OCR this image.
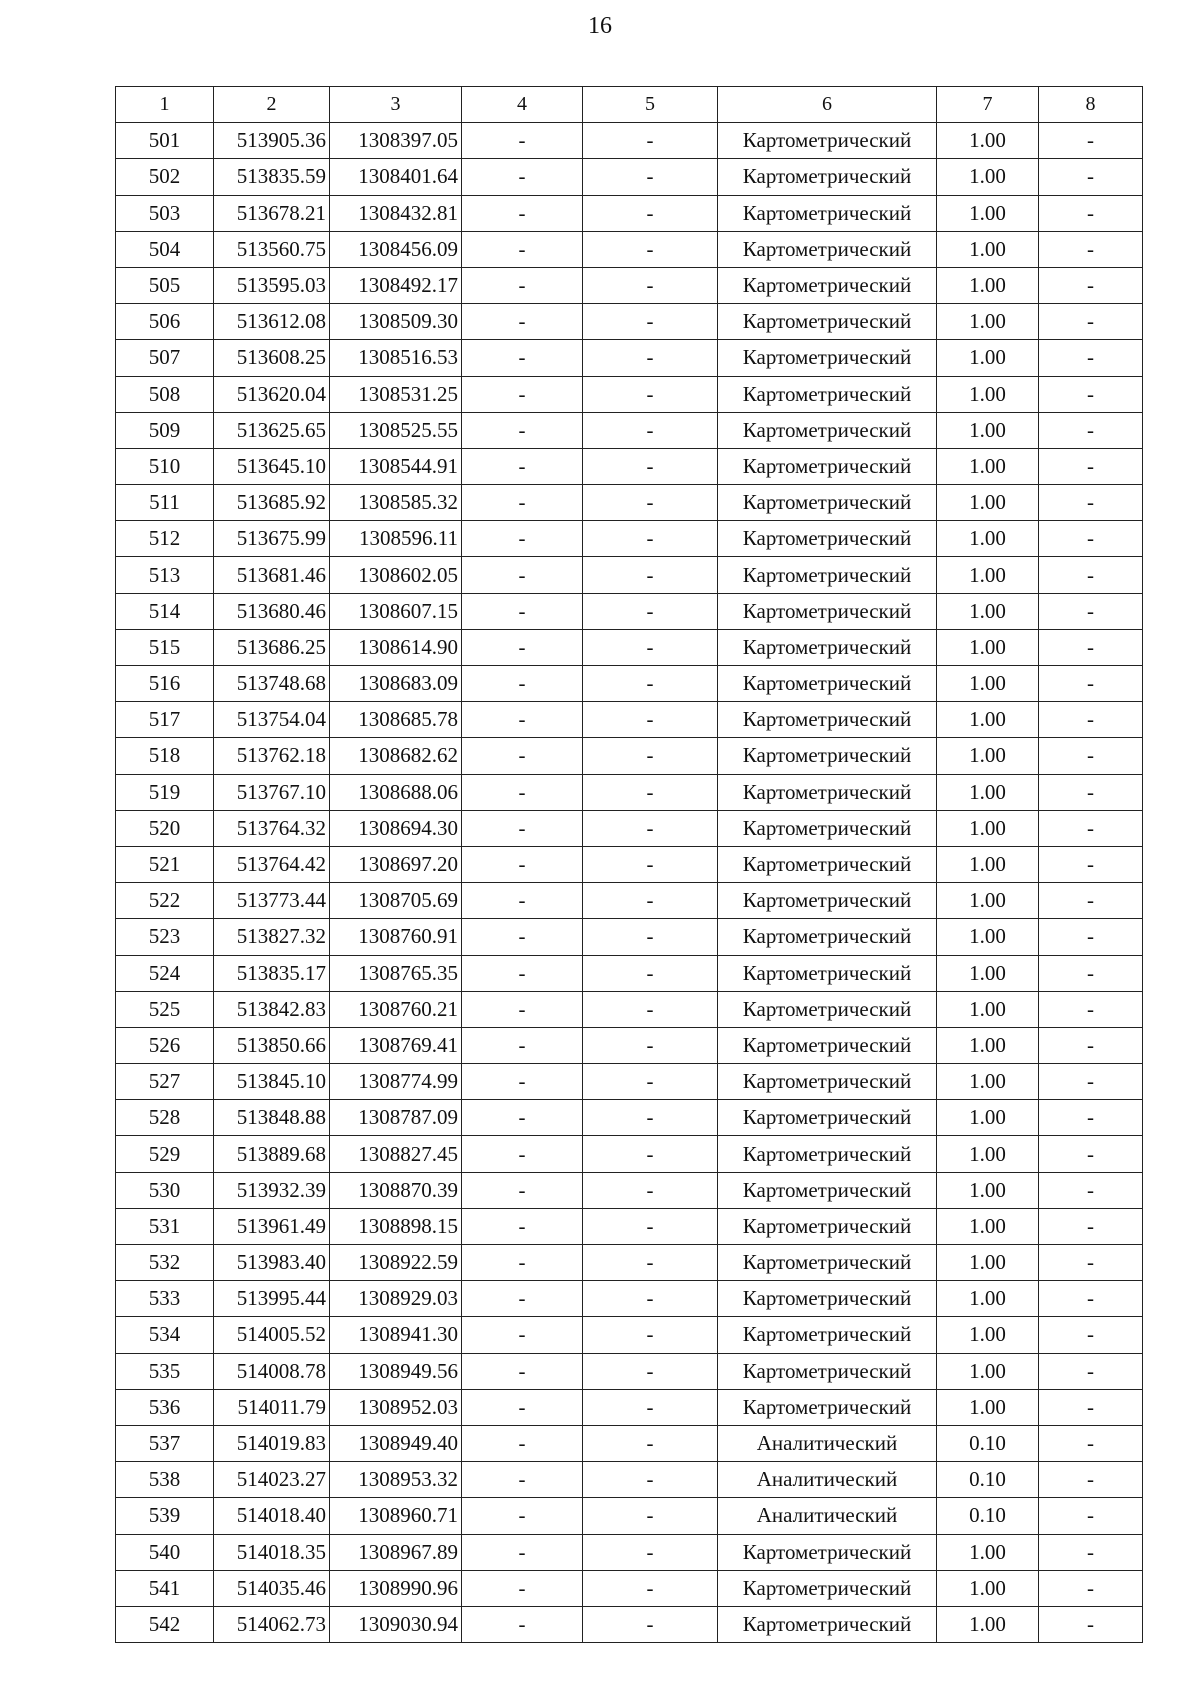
16
1	2	3	4	5	6	7	8
501	513905.36	1308397.05	-	-	Картометрический	1.00	-
502	513835.59	1308401.64	-	-	Картометрический	1.00	-
503	513678.21	1308432.81	-	-	Картометрический	1.00	-
504	513560.75	1308456.09	-	-	Картометрический	1.00	-
505	513595.03	1308492.17	-	-	Картометрический	1.00	-
506	513612.08	1308509.30	-	-	Картометрический	1.00	-
507	513608.25	1308516.53	-	-	Картометрический	1.00	-
508	513620.04	1308531.25	-	-	Картометрический	1.00	-
509	513625.65	1308525.55	-	-	Картометрический	1.00	-
510	513645.10	1308544.91	-	-	Картометрический	1.00	-
511	513685.92	1308585.32	-	-	Картометрический	1.00	-
512	513675.99	1308596.11	-	-	Картометрический	1.00	-
513	513681.46	1308602.05	-	-	Картометрический	1.00	-
514	513680.46	1308607.15	-	-	Картометрический	1.00	-
515	513686.25	1308614.90	-	-	Картометрический	1.00	-
516	513748.68	1308683.09	-	-	Картометрический	1.00	-
517	513754.04	1308685.78	-	-	Картометрический	1.00	-
518	513762.18	1308682.62	-	-	Картометрический	1.00	-
519	513767.10	1308688.06	-	-	Картометрический	1.00	-
520	513764.32	1308694.30	-	-	Картометрический	1.00	-
521	513764.42	1308697.20	-	-	Картометрический	1.00	-
522	513773.44	1308705.69	-	-	Картометрический	1.00	-
523	513827.32	1308760.91	-	-	Картометрический	1.00	-
524	513835.17	1308765.35	-	-	Картометрический	1.00	-
525	513842.83	1308760.21	-	-	Картометрический	1.00	-
526	513850.66	1308769.41	-	-	Картометрический	1.00	-
527	513845.10	1308774.99	-	-	Картометрический	1.00	-
528	513848.88	1308787.09	-	-	Картометрический	1.00	-
529	513889.68	1308827.45	-	-	Картометрический	1.00	-
530	513932.39	1308870.39	-	-	Картометрический	1.00	-
531	513961.49	1308898.15	-	-	Картометрический	1.00	-
532	513983.40	1308922.59	-	-	Картометрический	1.00	-
533	513995.44	1308929.03	-	-	Картометрический	1.00	-
534	514005.52	1308941.30	-	-	Картометрический	1.00	-
535	514008.78	1308949.56	-	-	Картометрический	1.00	-
536	514011.79	1308952.03	-	-	Картометрический	1.00	-
537	514019.83	1308949.40	-	-	Аналитический	0.10	-
538	514023.27	1308953.32	-	-	Аналитический	0.10	-
539	514018.40	1308960.71	-	-	Аналитический	0.10	-
540	514018.35	1308967.89	-	-	Картометрический	1.00	-
541	514035.46	1308990.96	-	-	Картометрический	1.00	-
542	514062.73	1309030.94	-	-	Картометрический	1.00	-
